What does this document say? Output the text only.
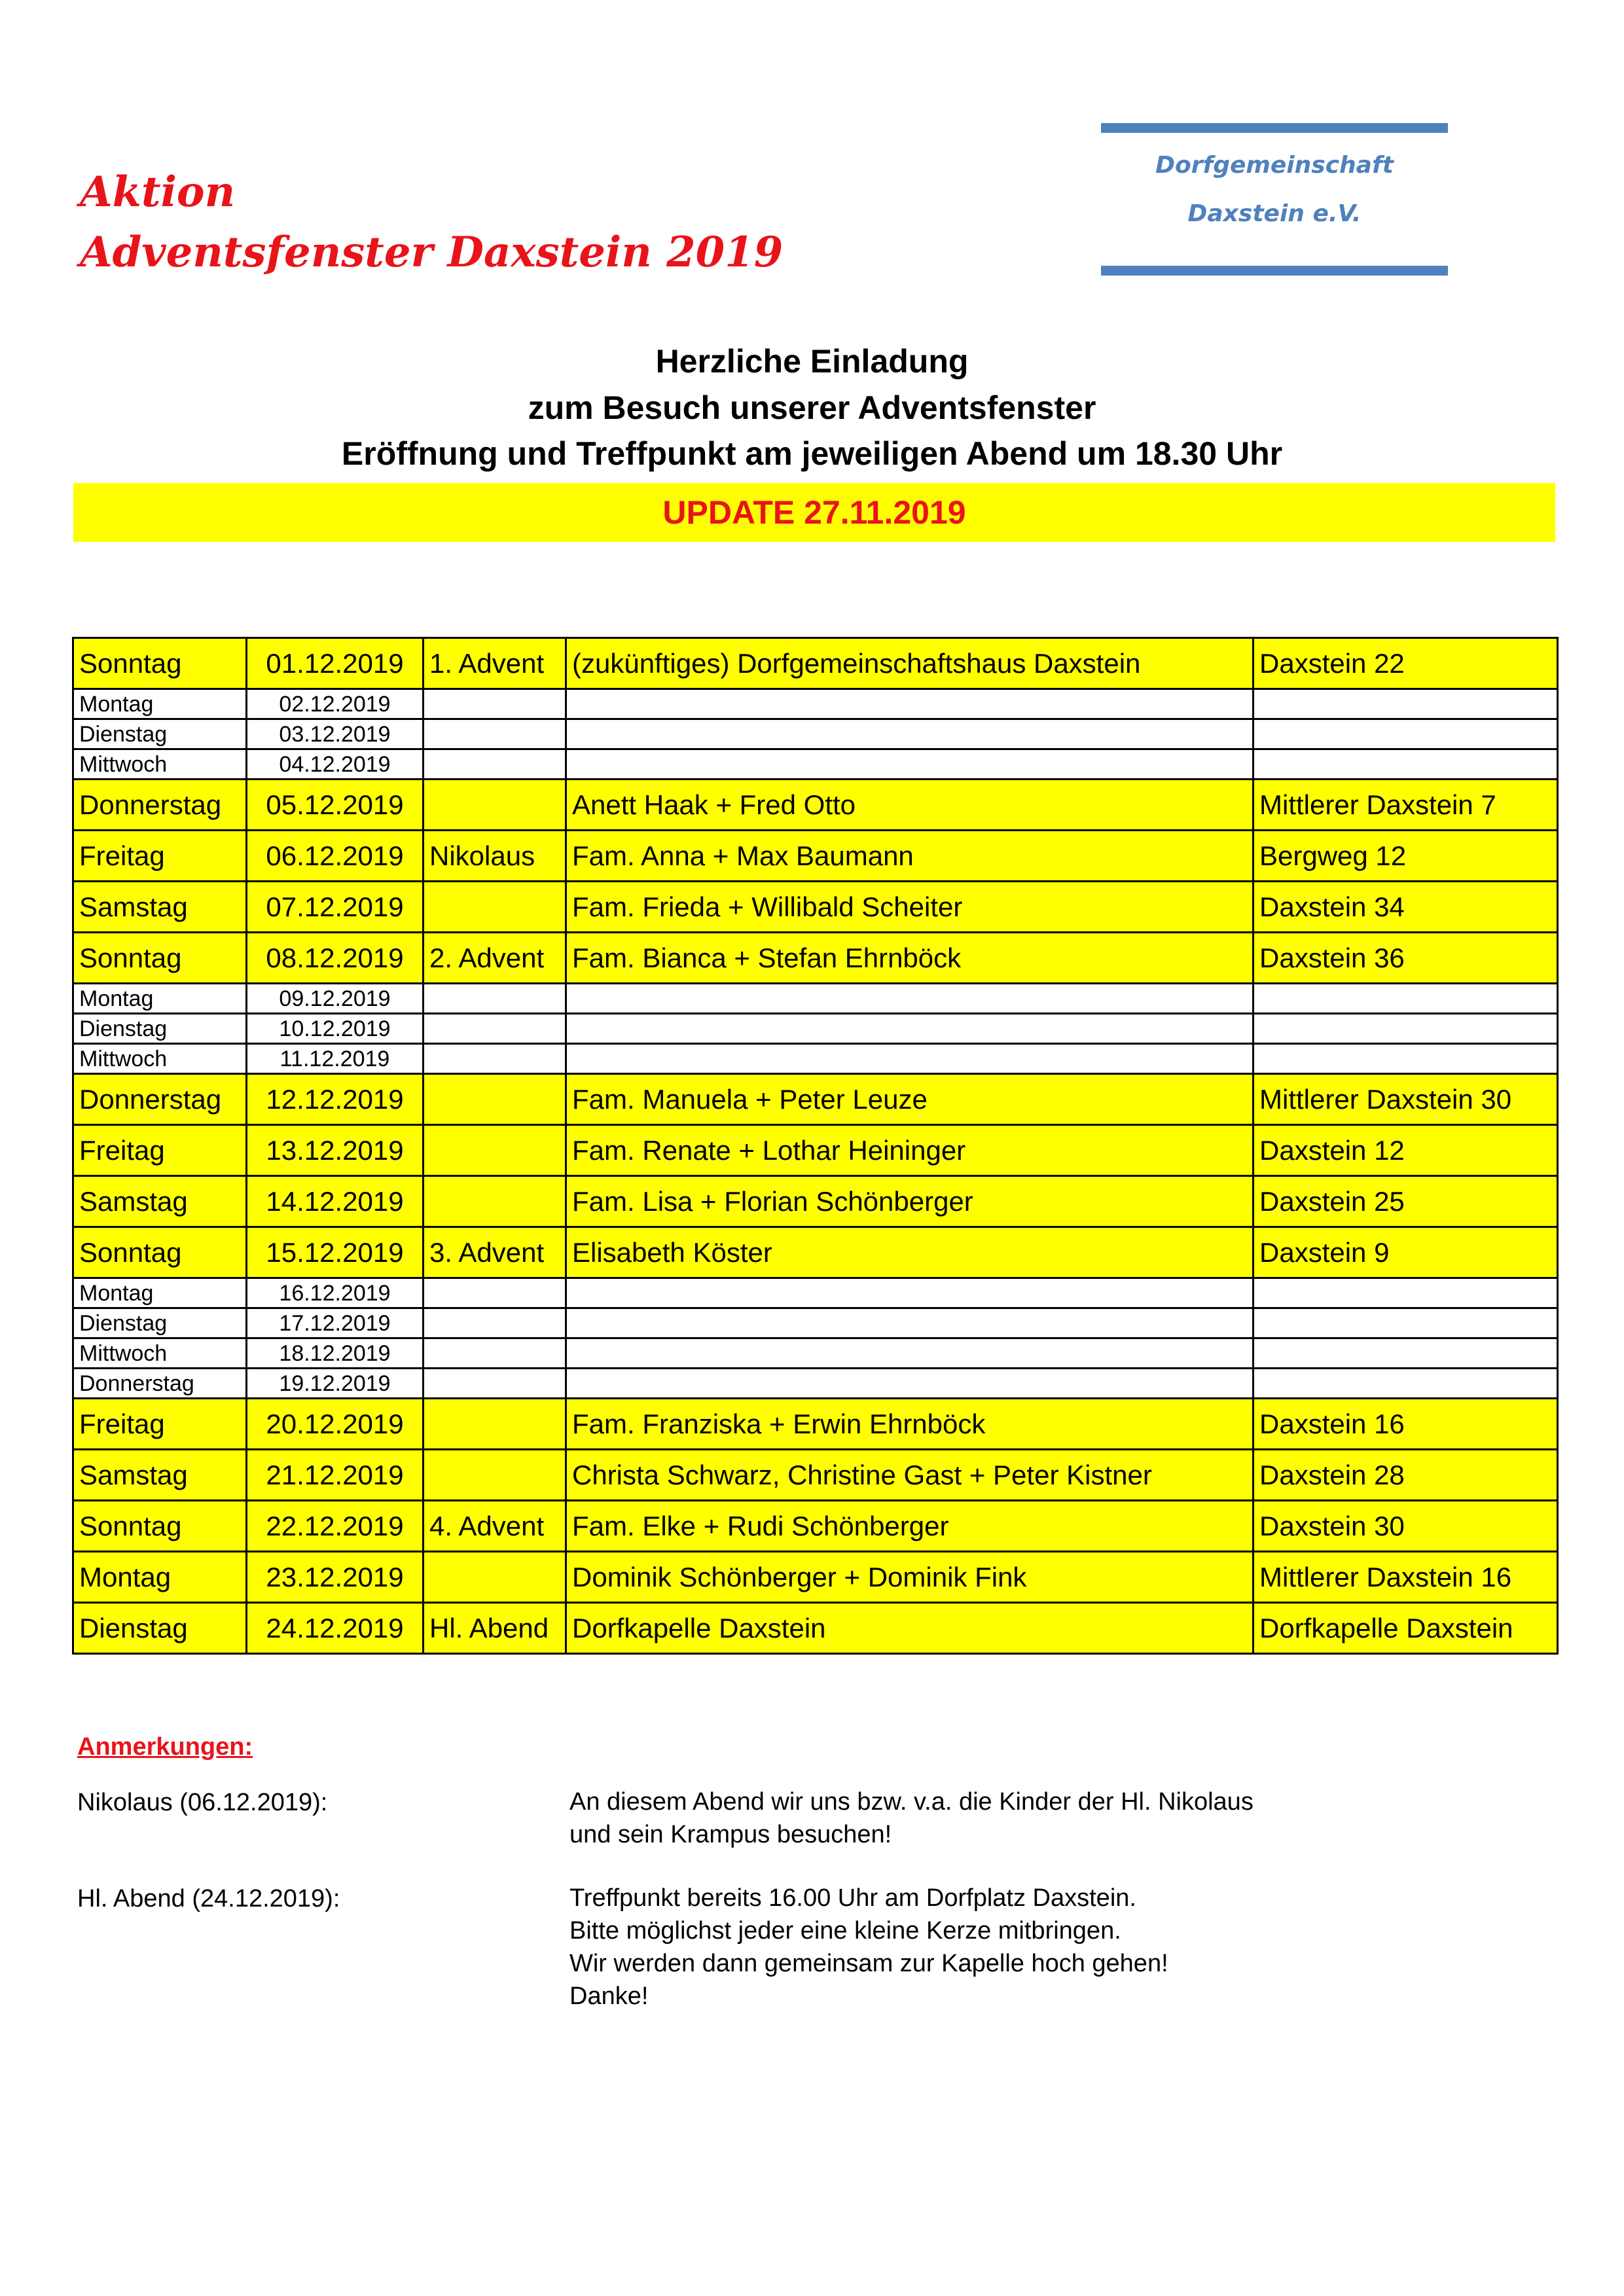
Aktion
Adventsfenster Daxstein 2019
Dorfgemeinschaft
Daxstein e.V.
Herzliche Einladung
zum Besuch unserer Adventsfenster
Eröffnung und Treffpunkt am jeweiligen Abend um 18.30 Uhr
UPDATE 27.11.2019
Sonntag	01.12.2019	1. Advent	(zukünftiges) Dorfgemeinschaftshaus Daxstein	Daxstein 22
Montag	02.12.2019			
Dienstag	03.12.2019			
Mittwoch	04.12.2019			
Donnerstag	05.12.2019		Anett Haak + Fred Otto	Mittlerer Daxstein 7
Freitag	06.12.2019	Nikolaus	Fam. Anna + Max Baumann	Bergweg 12
Samstag	07.12.2019		Fam. Frieda + Willibald Scheiter	Daxstein 34
Sonntag	08.12.2019	2. Advent	Fam. Bianca + Stefan Ehrnböck	Daxstein 36
Montag	09.12.2019			
Dienstag	10.12.2019			
Mittwoch	11.12.2019			
Donnerstag	12.12.2019		Fam. Manuela + Peter Leuze	Mittlerer Daxstein 30
Freitag	13.12.2019		Fam. Renate + Lothar Heininger	Daxstein 12
Samstag	14.12.2019		Fam. Lisa + Florian Schönberger	Daxstein 25
Sonntag	15.12.2019	3. Advent	Elisabeth Köster	Daxstein 9
Montag	16.12.2019			
Dienstag	17.12.2019			
Mittwoch	18.12.2019			
Donnerstag	19.12.2019			
Freitag	20.12.2019		Fam. Franziska + Erwin Ehrnböck	Daxstein 16
Samstag	21.12.2019		Christa Schwarz, Christine Gast + Peter Kistner	Daxstein 28
Sonntag	22.12.2019	4. Advent	Fam. Elke + Rudi Schönberger	Daxstein 30
Montag	23.12.2019		Dominik Schönberger + Dominik Fink	Mittlerer Daxstein 16
Dienstag	24.12.2019	Hl. Abend	Dorfkapelle Daxstein	Dorfkapelle Daxstein
Anmerkungen:
Nikolaus (06.12.2019):	An diesem Abend wir uns bzw. v.a. die Kinder der Hl. Nikolaus
und sein Krampus besuchen!
Hl. Abend (24.12.2019):	Treffpunkt bereits 16.00 Uhr am Dorfplatz Daxstein.
Bitte möglichst jeder eine kleine Kerze mitbringen.
Wir werden dann gemeinsam zur Kapelle hoch gehen!
Danke!
